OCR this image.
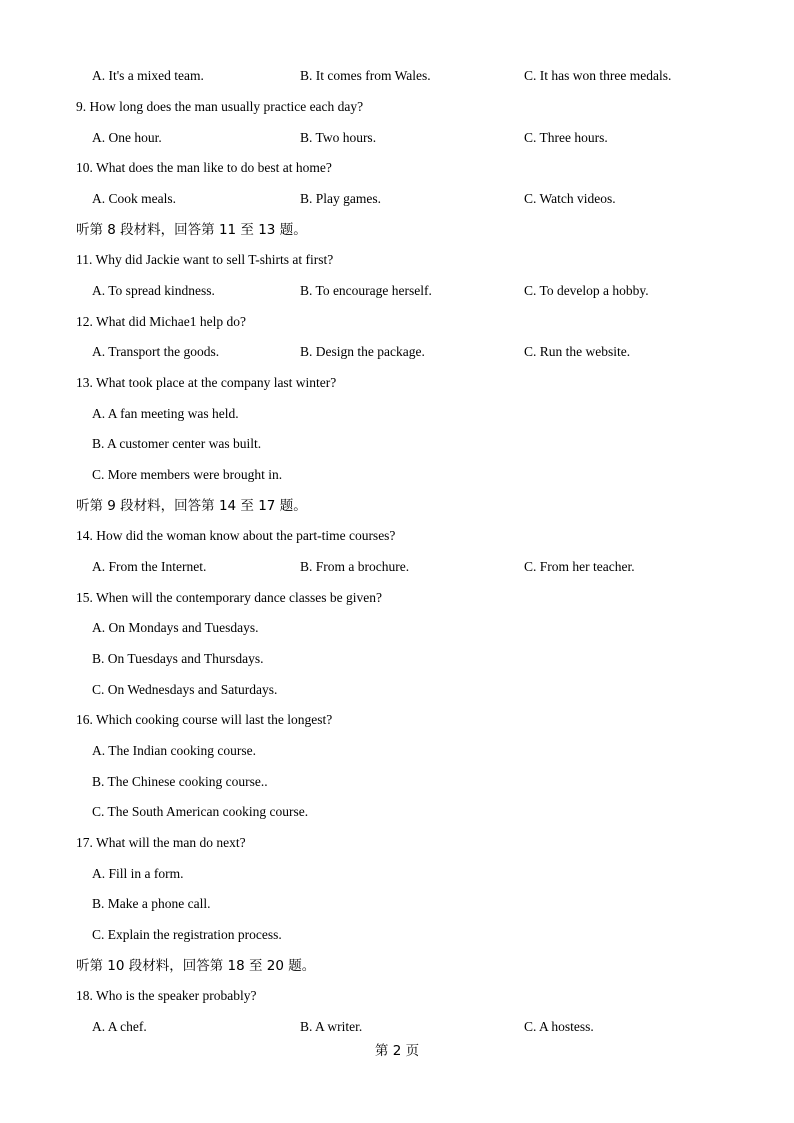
A. It's a mixed team.	B. It comes from Wales.	C. It has won three medals.
9. How long does the man usually practice each day?
A. One hour.	B. Two hours.	C. Three hours.
10. What does the man like to do best at home?
A. Cook meals.	B. Play games.	C. Watch videos.
听第 8 段材料，回答第 11 至 13 题。
11. Why did Jackie want to sell T-shirts at first?
A. To spread kindness.	B. To encourage herself.	C. To develop a hobby.
12. What did Michae1 help do?
A. Transport the goods.	B. Design the package.	C. Run the website.
13. What took place at the company last winter?
A. A fan meeting was held.
B. A customer center was built.
C. More members were brought in.
听第 9 段材料，回答第 14 至 17 题。
14. How did the woman know about the part-time courses?
A. From the Internet.	B. From a brochure.	C. From her teacher.
15. When will the contemporary dance classes be given?
A. On Mondays and Tuesdays.
B. On Tuesdays and Thursdays.
C. On Wednesdays and Saturdays.
16. Which cooking course will last the longest?
A. The Indian cooking course.
B. The Chinese cooking course..
C. The South American cooking course.
17. What will the man do next?
A. Fill in a form.
B. Make a phone call.
C. Explain the registration process.
听第 10 段材料，回答第 18 至 20 题。
18. Who is the speaker probably?
A. A chef.	B. A writer.	C. A hostess.
第 2 页
